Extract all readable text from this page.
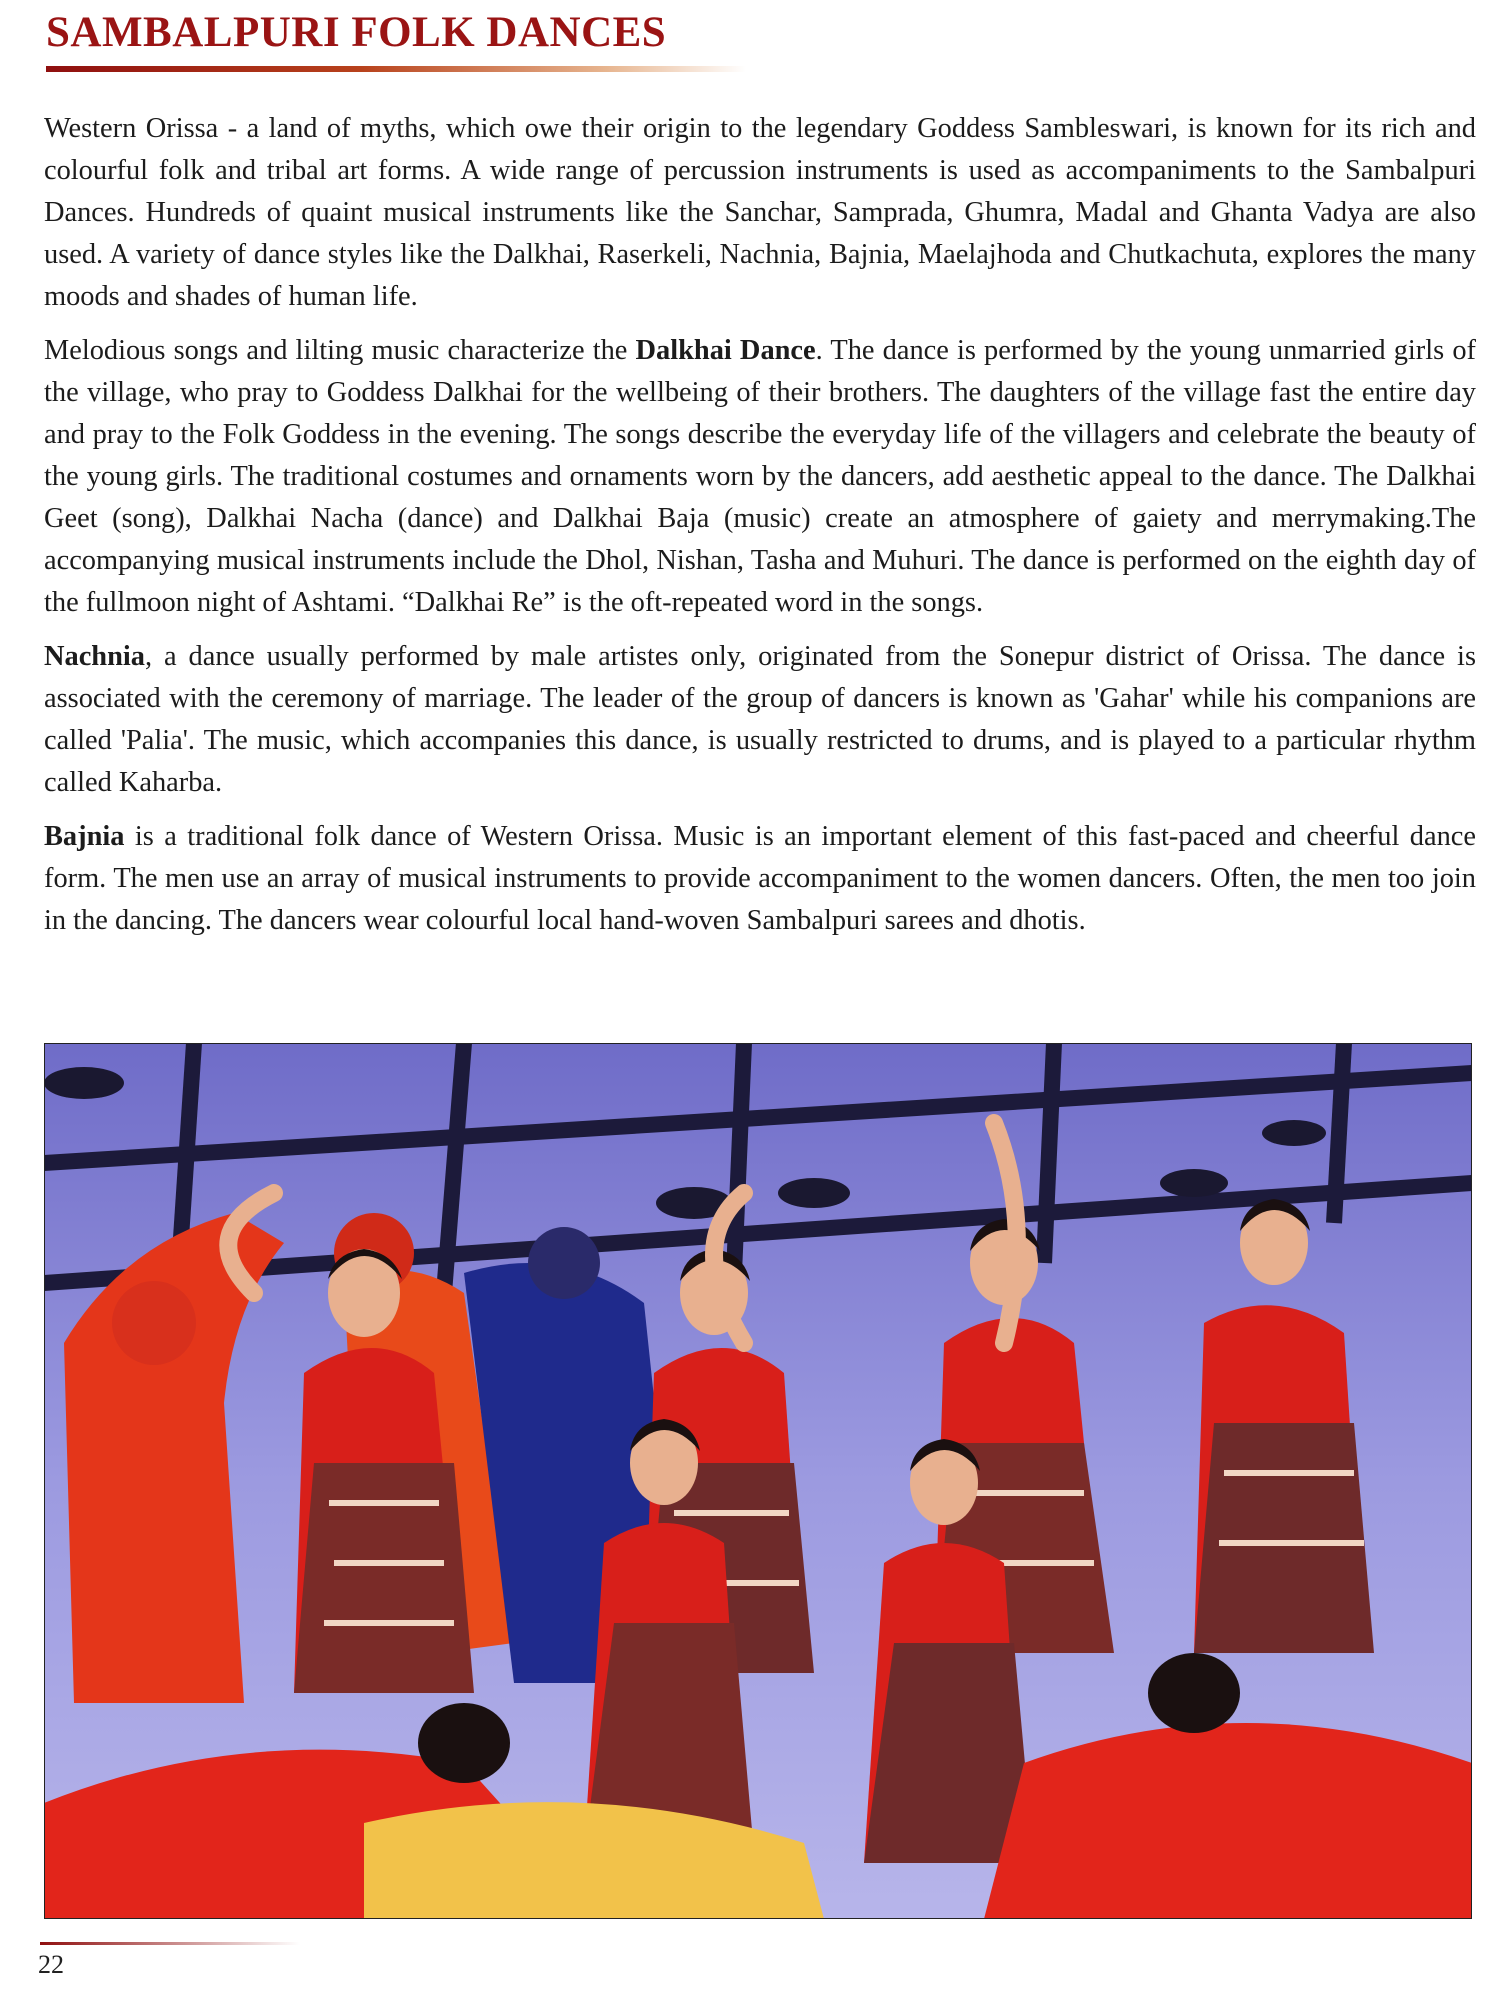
SAMBALPURI FOLK DANCES

Western Orissa - a land of myths, which owe their origin to the legendary Goddess Sambleswari, is known for its rich and colourful folk and tribal art forms. A wide range of percussion instruments is used as accompaniments to the Sambalpuri Dances. Hundreds of quaint musical instruments like the Sanchar, Samprada, Ghumra, Madal and Ghanta Vadya are also used. A variety of dance styles like the Dalkhai, Raserkeli, Nachnia, Bajnia, Maelajhoda and Chutkachuta, explores the many moods and shades of human life.

Melodious songs and lilting music characterize the Dalkhai Dance. The dance is performed by the young unmarried girls of the village, who pray to Goddess Dalkhai for the wellbeing of their brothers. The daughters of the village fast the entire day and pray to the Folk Goddess in the evening. The songs describe the everyday life of the villagers and celebrate the beauty of the young girls. The traditional costumes and ornaments worn by the dancers, add aesthetic appeal to the dance. The Dalkhai Geet (song), Dalkhai Nacha (dance) and Dalkhai Baja (music) create an atmosphere of gaiety and merrymaking.The accompanying musical instruments include the Dhol, Nishan, Tasha and Muhuri. The dance is performed on the eighth day of the fullmoon night of Ashtami. “Dalkhai Re” is the oft-repeated word in the songs.

Nachnia, a dance usually performed by male artistes only, originated from the Sonepur district of Orissa. The dance is associated with the ceremony of marriage. The leader of the group of dancers is known as 'Gahar' while his companions are called 'Palia'. The music, which accompanies this dance, is usually restricted to drums, and is played to a particular rhythm called Kaharba.

Bajnia is a traditional folk dance of Western Orissa. Music is an important element of this fast-paced and cheerful dance form. The men use an array of musical instruments to provide accompaniment to the women dancers. Often, the men too join in the dancing. The dancers wear colourful local hand-woven Sambalpuri sarees and dhotis.

22
